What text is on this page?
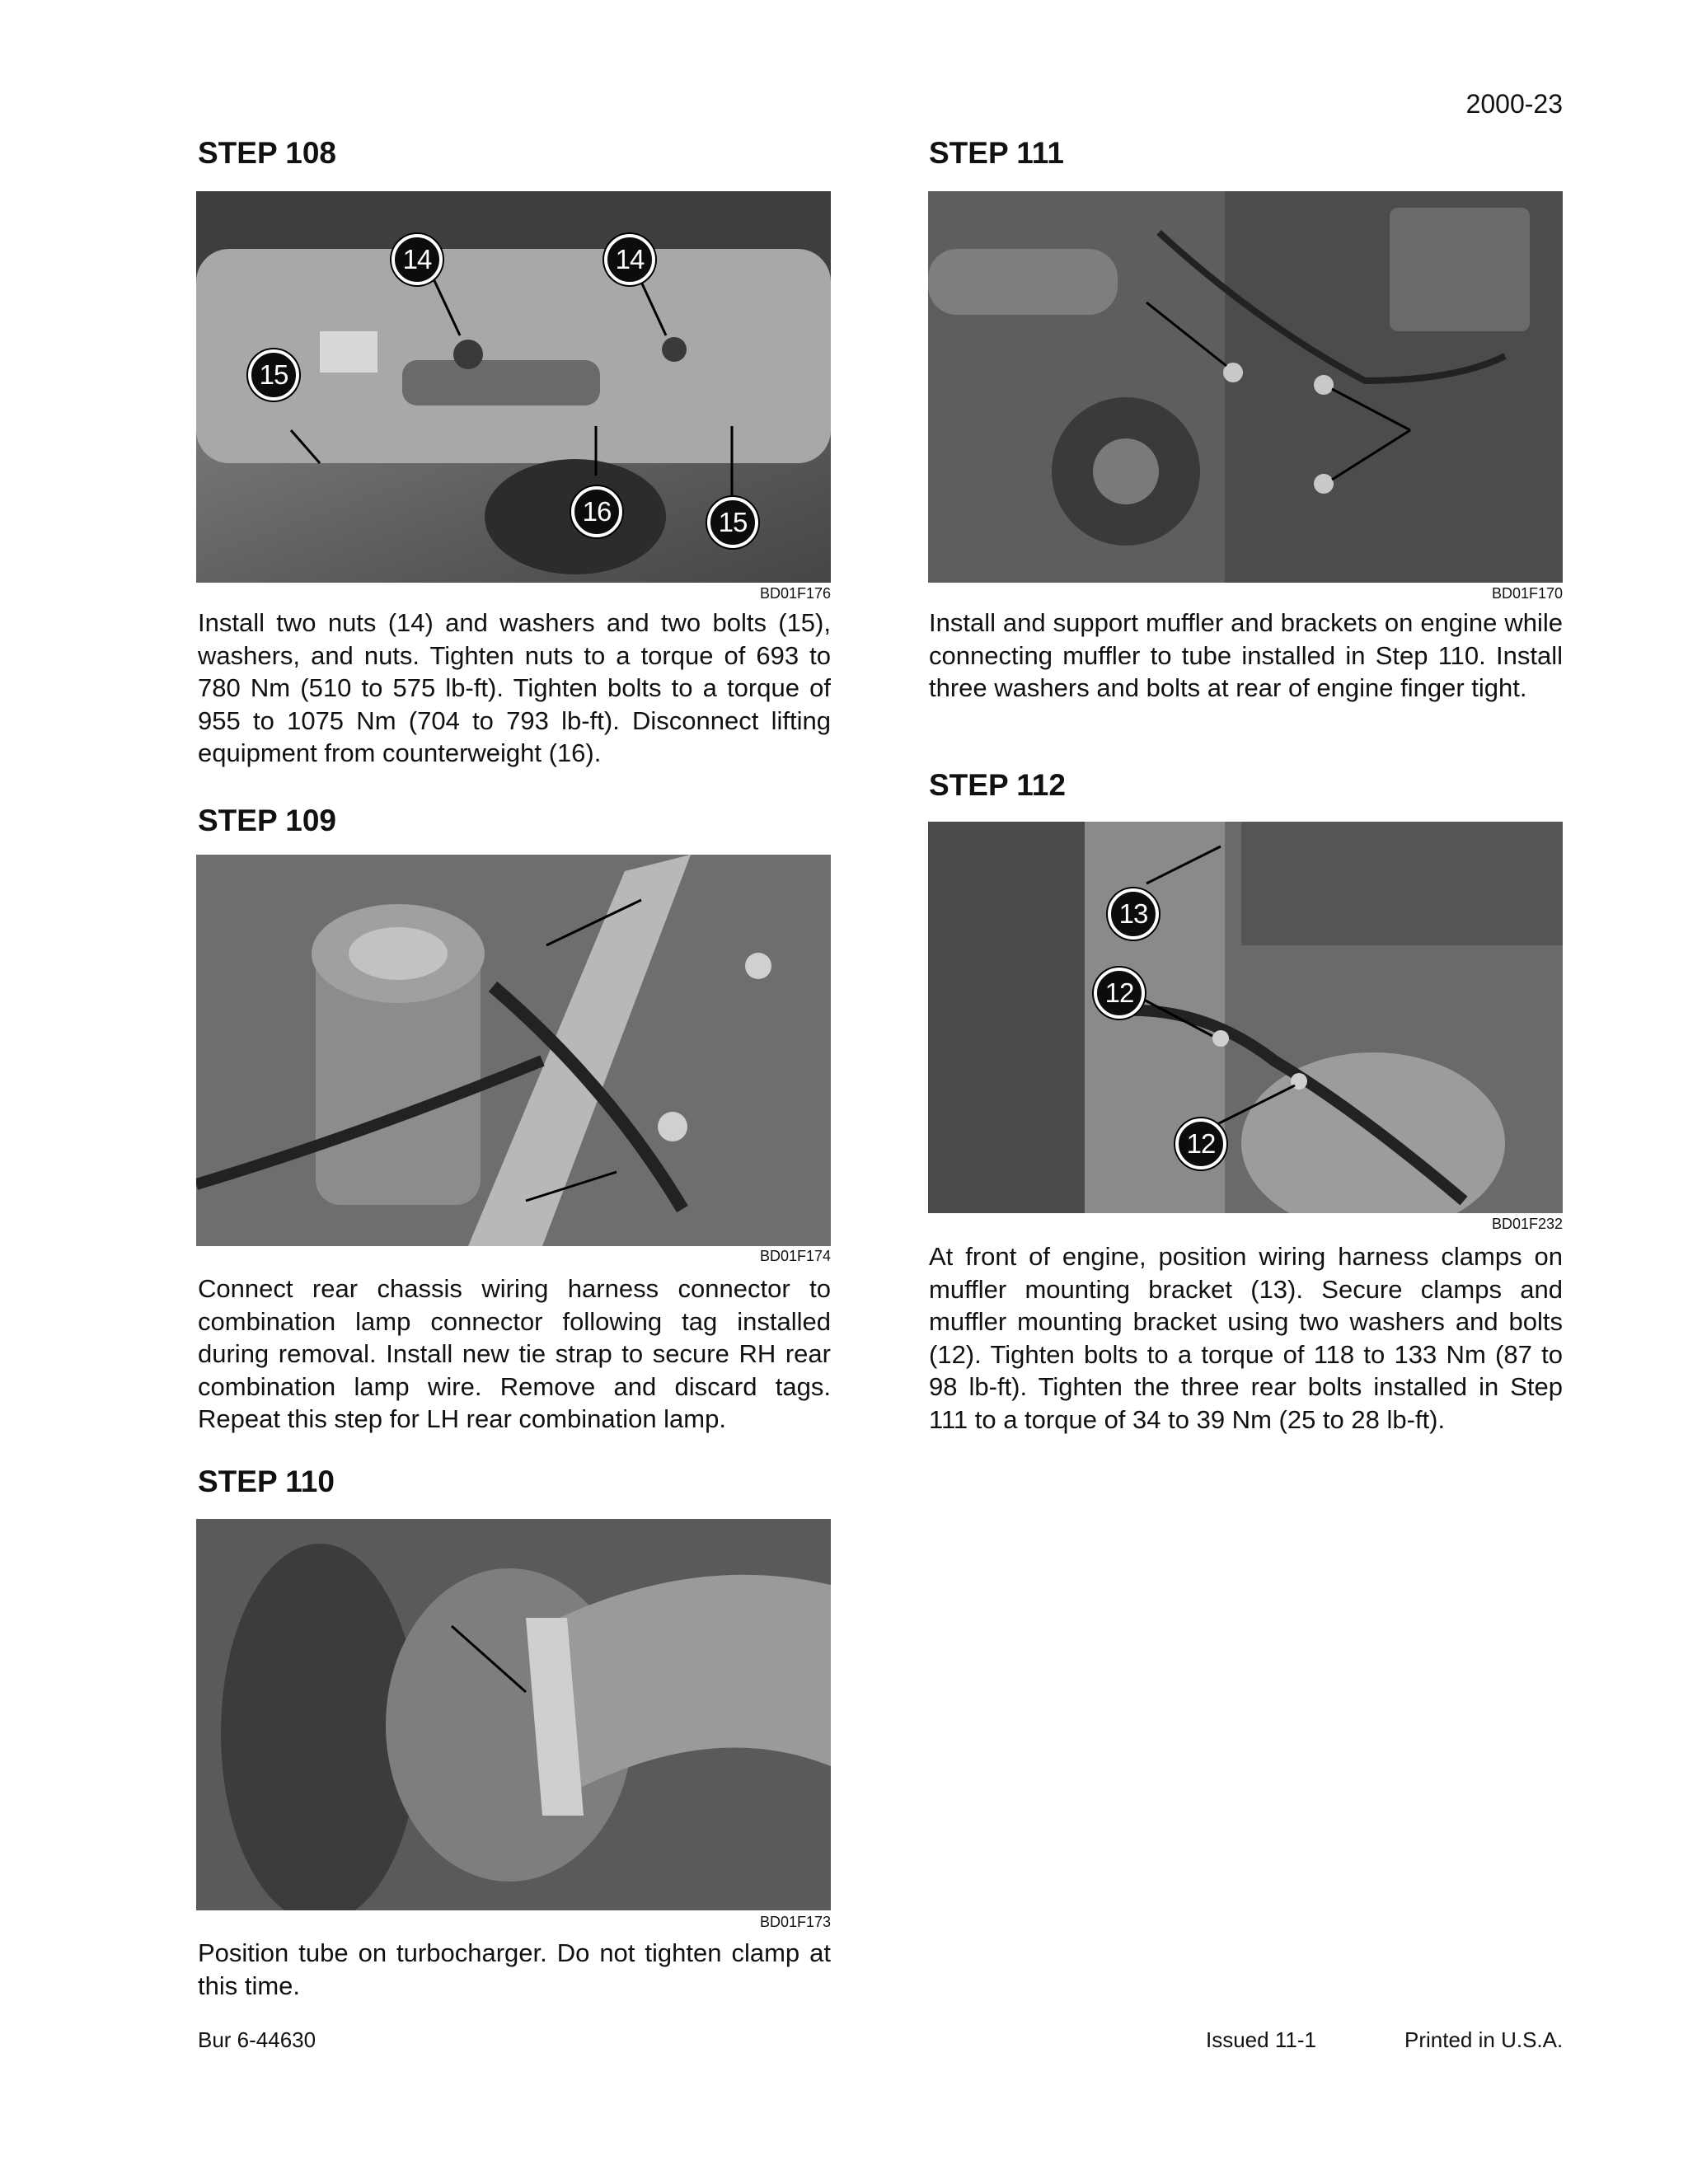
2000-23
STEP 108
14	14
15
16	15
BD01F176

Install two nuts (14) and washers and two bolts (15), washers, and nuts. Tighten nuts to a torque of 693 to 780 Nm (510 to 575 lb-ft). Tighten bolts to a torque of 955 to 1075 Nm (704 to 793 lb-ft). Disconnect lifting equipment from counterweight (16).

STEP 109
BD01F174

Connect rear chassis wiring harness connector to combination lamp connector following tag installed during removal. Install new tie strap to secure RH rear combination lamp wire. Remove and discard tags. Repeat this step for LH rear combination lamp.

STEP 110
BD01F173

Position tube on turbocharger. Do not tighten clamp at this time.

STEP 111
BD01F170

Install and support muffler and brackets on engine while connecting muffler to tube installed in Step 110. Install three washers and bolts at rear of engine finger tight.

STEP 112
13
12
12
BD01F232

At front of engine, position wiring harness clamps on muffler mounting bracket (13). Secure clamps and muffler mounting bracket using two washers and bolts (12). Tighten bolts to a torque of 118 to 133 Nm (87 to 98 lb-ft). Tighten the three rear bolts installed in Step 111 to a torque of 34 to 39 Nm (25 to 28 lb-ft).

Bur 6-44630	Issued 11-1	Printed in U.S.A.
